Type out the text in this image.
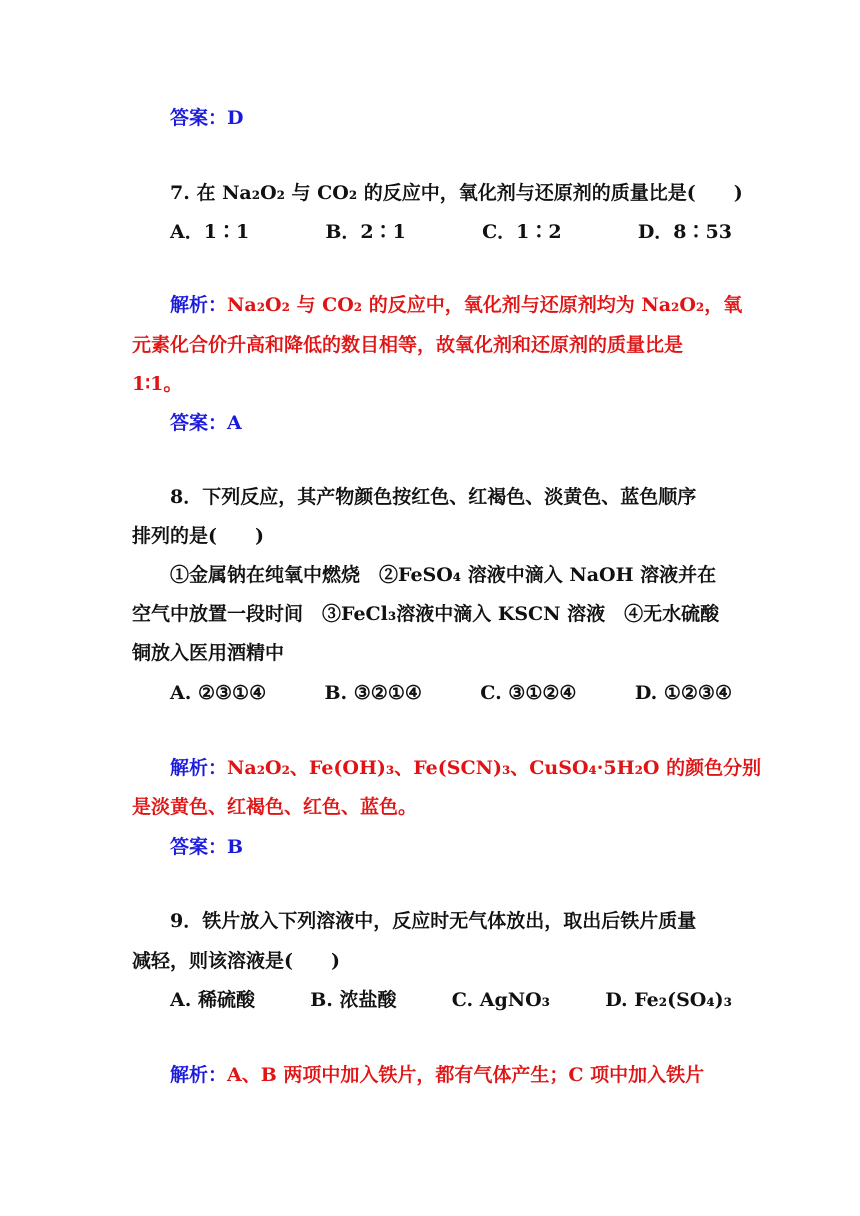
答案：D
7. 在 Na₂O₂ 与 CO₂ 的反应中，氧化剂与还原剂的质量比是(　　)
A．1∶1	B．2∶1	C．1∶2	D．8∶53
解析：Na₂O₂ 与 CO₂ 的反应中，氧化剂与还原剂均为 Na₂O₂，氧
元素化合价升高和降低的数目相等，故氧化剂和还原剂的质量比是
1∶1。
答案：A
8．下列反应，其产物颜色按红色、红褐色、淡黄色、蓝色顺序
排列的是(　　)
①金属钠在纯氧中燃烧　②FeSO₄ 溶液中滴入 NaOH 溶液并在
空气中放置一段时间　③FeCl₃溶液中滴入 KSCN 溶液　④无水硫酸
铜放入医用酒精中
A. ②③①④	B. ③②①④	C. ③①②④	D. ①②③④
解析：Na₂O₂、Fe(OH)₃、Fe(SCN)₃、CuSO₄·5H₂O 的颜色分别
是淡黄色、红褐色、红色、蓝色。
答案：B
9．铁片放入下列溶液中，反应时无气体放出，取出后铁片质量
减轻，则该溶液是(　　)
A. 稀硫酸	B. 浓盐酸	C. AgNO₃	D. Fe₂(SO₄)₃
解析：A、B 两项中加入铁片，都有气体产生；C 项中加入铁片
